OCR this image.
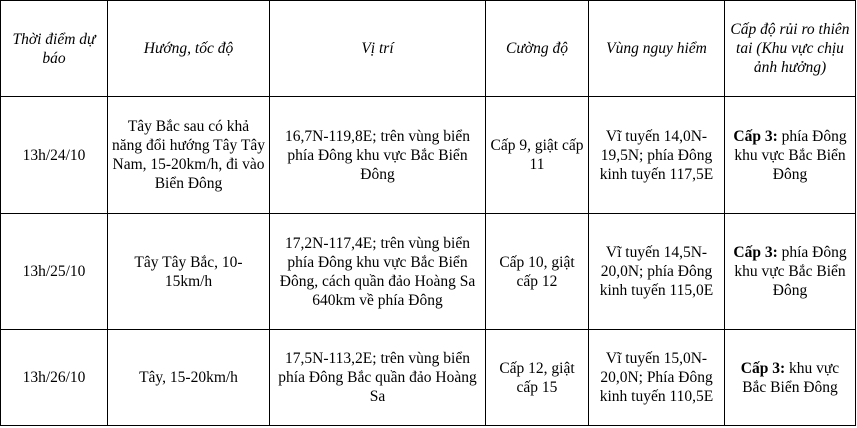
Thời điểm dự báo	Hướng, tốc độ	Vị trí	Cường độ	Vùng nguy hiểm	Cấp độ rủi ro thiên tai (Khu vực chịu ảnh hưởng)
13h/24/10	Tây Bắc sau có khả năng đổi hướng Tây Tây Nam, 15-20km/h, đi vào Biển Đông	16,7N-119,8E; trên vùng biển phía Đông khu vực Bắc Biển Đông	Cấp 9, giật cấp 11	Vĩ tuyến 14,0N-19,5N; phía Đông kinh tuyến 117,5E	Cấp 3: phía Đông khu vực Bắc Biển Đông
13h/25/10	Tây Tây Bắc, 10-15km/h	17,2N-117,4E; trên vùng biển phía Đông khu vực Bắc Biển Đông, cách quần đảo Hoàng Sa 640km về phía Đông	Cấp 10, giật cấp 12	Vĩ tuyến 14,5N-20,0N; phía Đông kinh tuyến 115,0E	Cấp 3: phía Đông khu vực Bắc Biển Đông
13h/26/10	Tây, 15-20km/h	17,5N-113,2E; trên vùng biển phía Đông Bắc quần đảo Hoàng Sa	Cấp 12, giật cấp 15	Vĩ tuyến 15,0N-20,0N; Phía Đông kinh tuyến 110,5E	Cấp 3: khu vực Bắc Biển Đông
